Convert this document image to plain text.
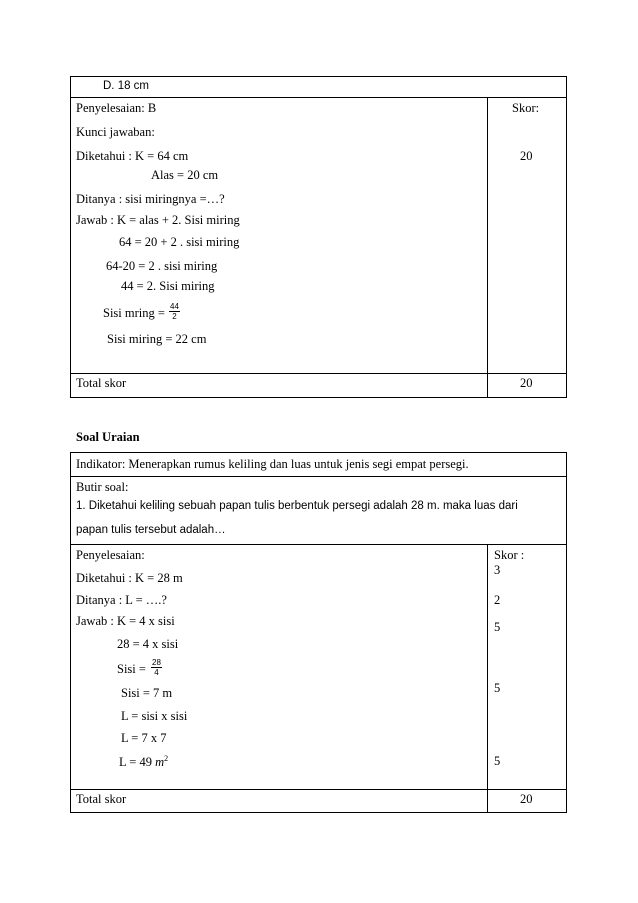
D. 18 cm
Penyelesaian: B	Skor:
Kunci jawaban:
Diketahui : K = 64 cm	20
Alas = 20 cm
Ditanya : sisi miringnya =…?
Jawab : K = alas + 2. Sisi miring
64 = 20 + 2 . sisi miring
64-20 = 2 . sisi miring
44 = 2. Sisi miring
Sisi mring = $\frac{44}{2}$
Sisi miring = 22 cm
Total skor	20
Soal Uraian
Indikator: Menerapkan rumus keliling dan luas untuk jenis segi empat persegi.
Butir soal:
1. Diketahui keliling sebuah papan tulis berbentuk persegi adalah 28 m. maka luas dari
papan tulis tersebut adalah…
Penyelesaian:	Skor :
3
Diketahui : K = 28 m
Ditanya : L = ….?	2
Jawab : K = 4 x sisi	5
28 = 4 x sisi
Sisi = $\frac{28}{4}$
5
Sisi = 7 m
L = sisi x sisi
L = 7 x 7
L = 49 $m^2$	5
Total skor	20
